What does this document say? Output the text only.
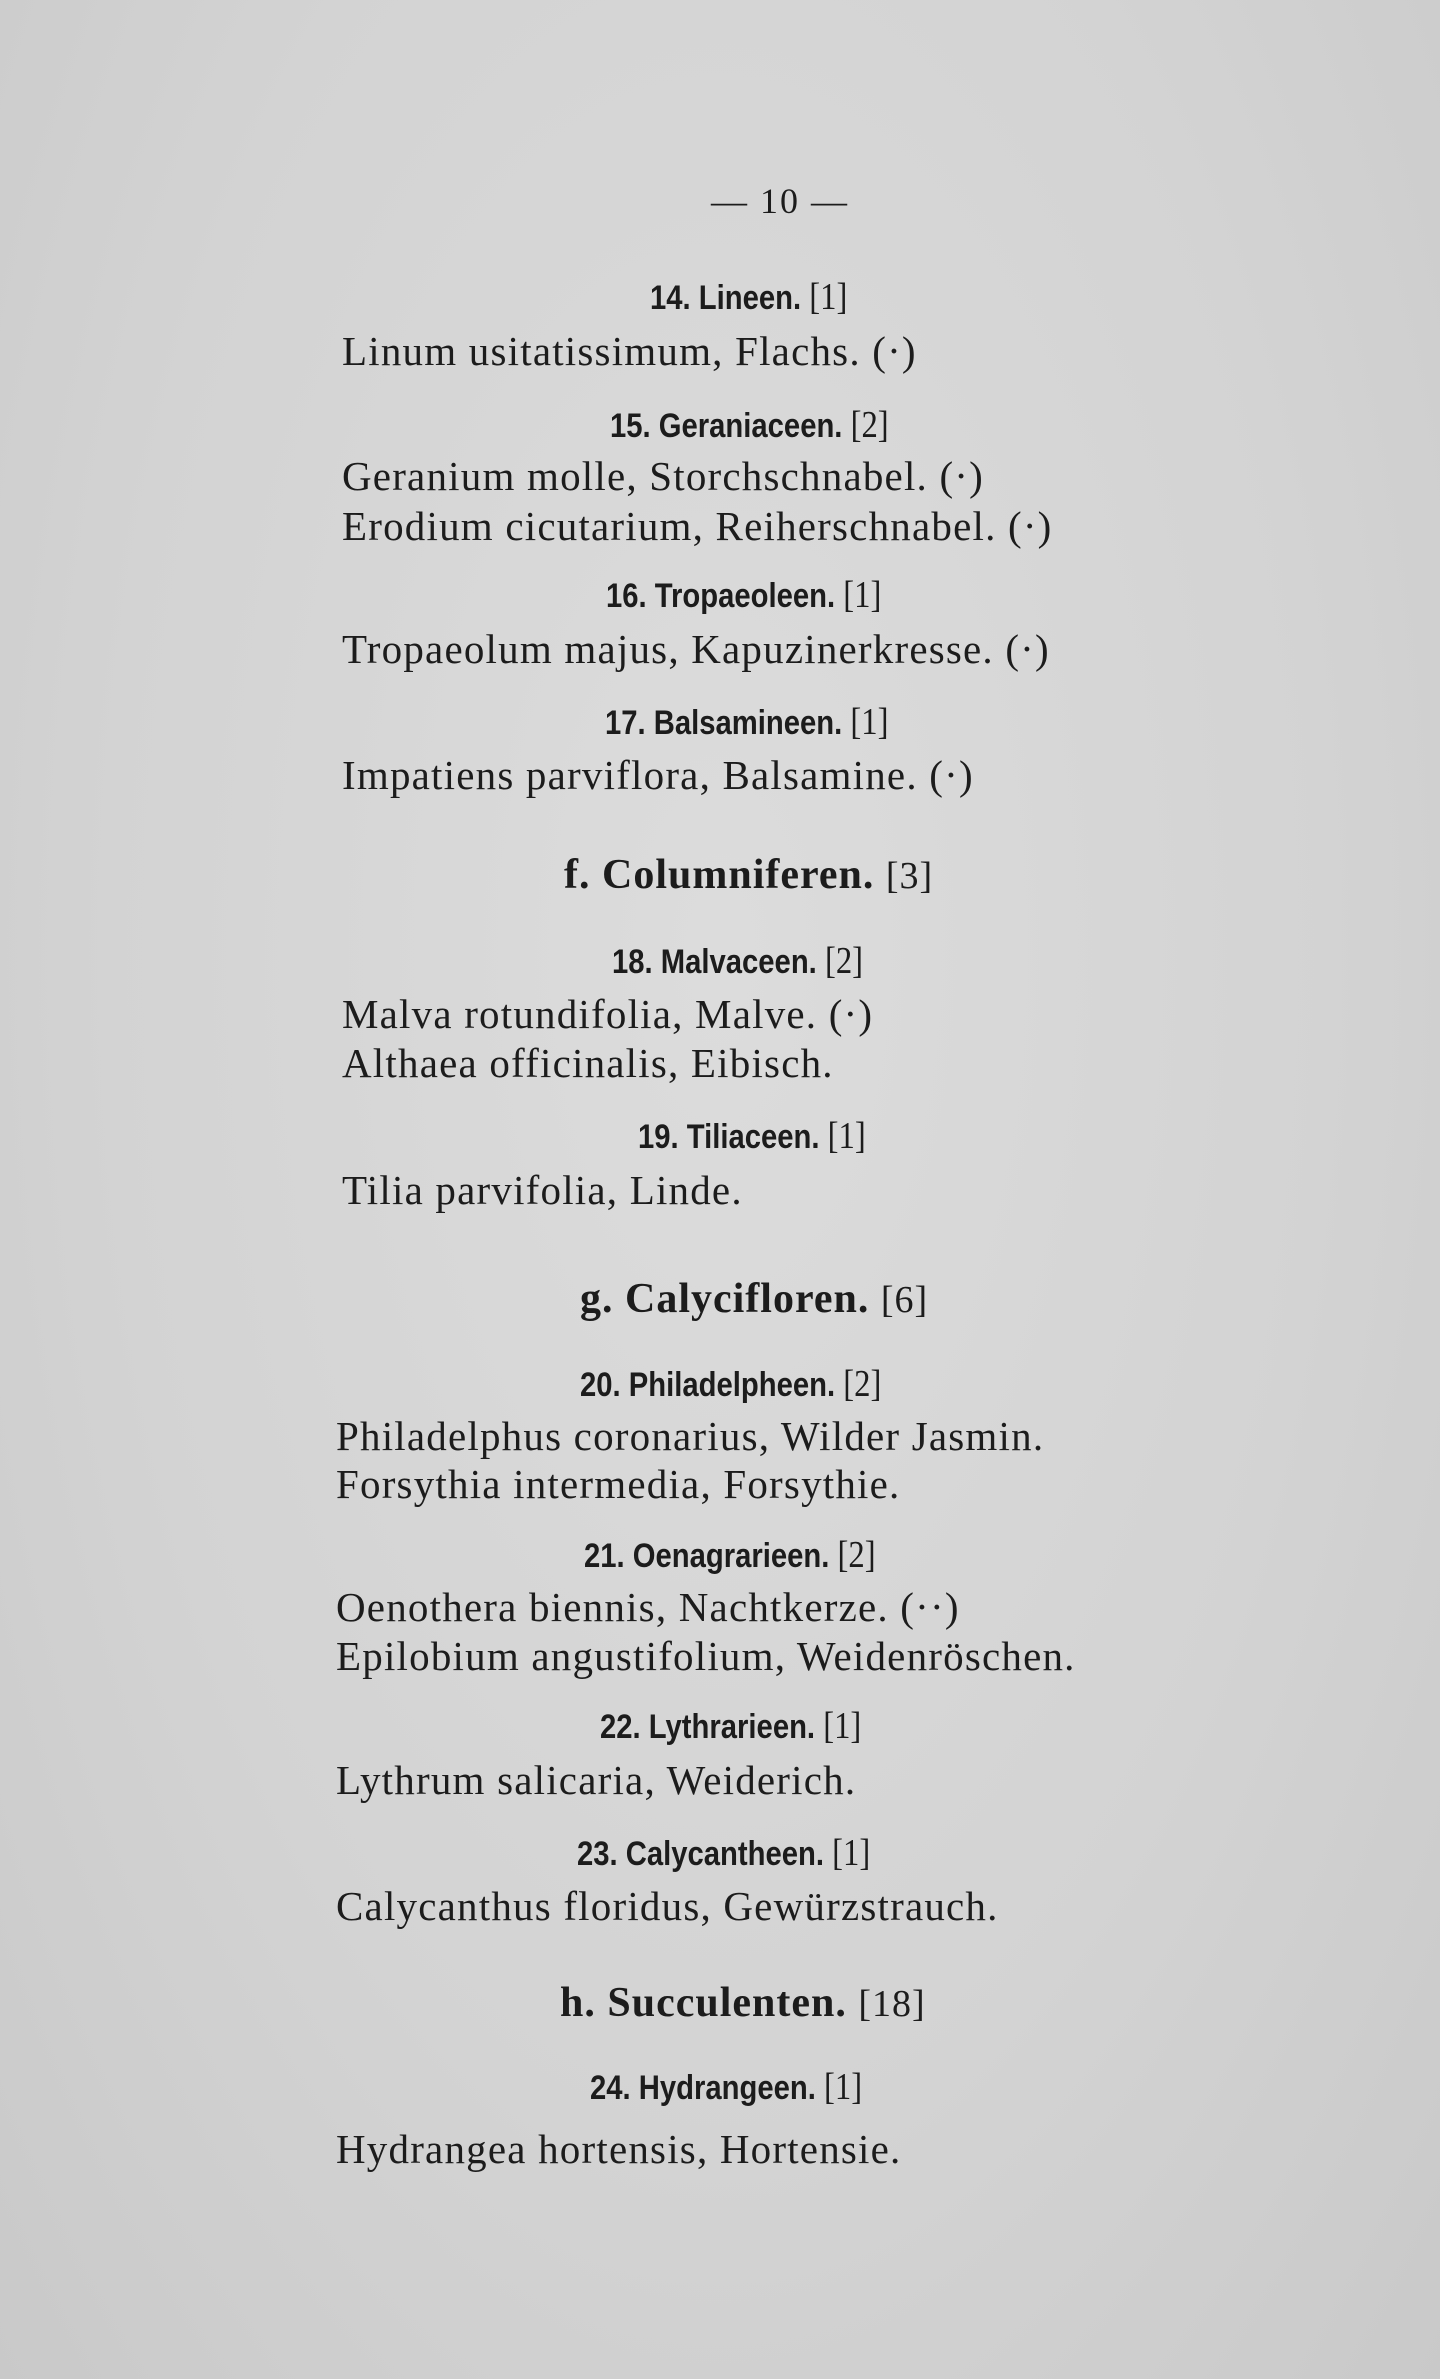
— 10 —
14. Lineen. [1]
Linum usitatissimum, Flachs. (·)
15. Geraniaceen. [2]
Geranium molle, Storchschnabel. (·)
Erodium cicutarium, Reiherschnabel. (·)
16. Tropaeoleen. [1]
Tropaeolum majus, Kapuzinerkresse. (·)
17. Balsamineen. [1]
Impatiens parviflora, Balsamine. (·)
f. Columniferen. [3]
18. Malvaceen. [2]
Malva rotundifolia, Malve. (·)
Althaea officinalis, Eibisch.
19. Tiliaceen. [1]
Tilia parvifolia, Linde.
g. Calycifloren. [6]
20. Philadelpheen. [2]
Philadelphus coronarius, Wilder Jasmin.
Forsythia intermedia, Forsythie.
21. Oenagrarieen. [2]
Oenothera biennis, Nachtkerze. (··)
Epilobium angustifolium, Weidenröschen.
22. Lythrarieen. [1]
Lythrum salicaria, Weiderich.
23. Calycantheen. [1]
Calycanthus floridus, Gewürzstrauch.
h. Succulenten. [18]
24. Hydrangeen. [1]
Hydrangea hortensis, Hortensie.
